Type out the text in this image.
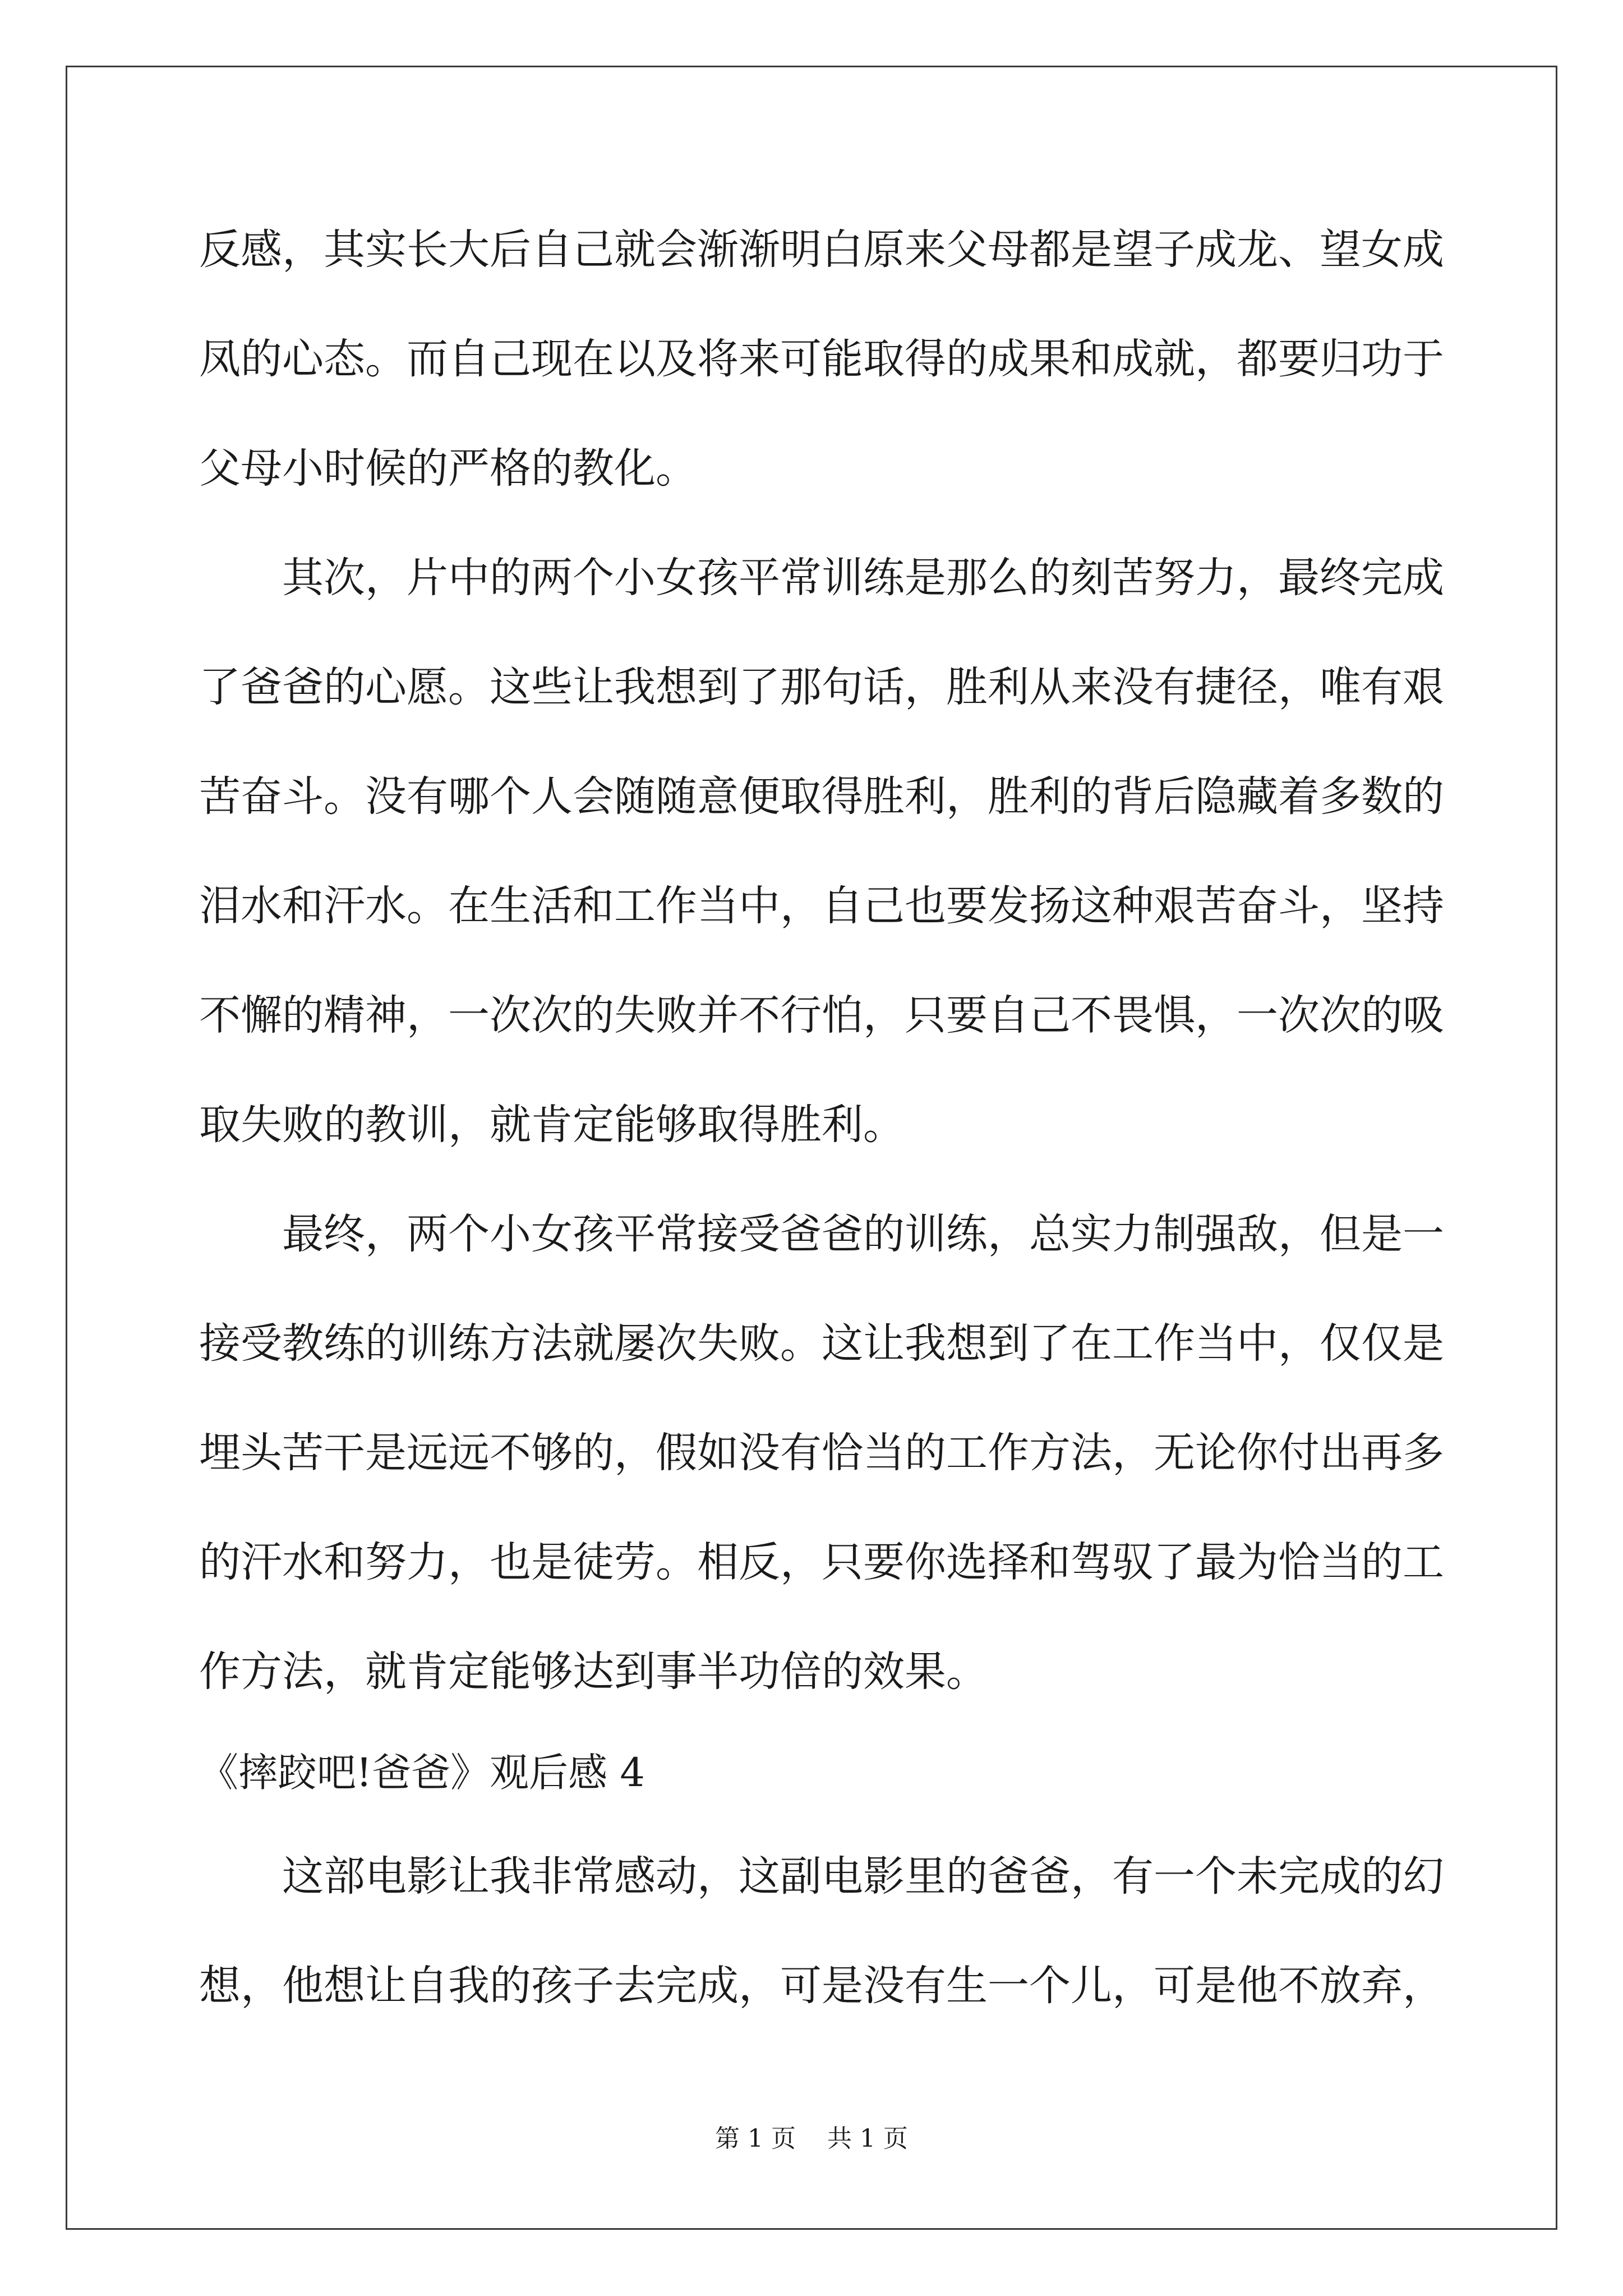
反感，其实长大后自己就会渐渐明白原来父母都是望子成龙、望女成
凤的心态。而自己现在以及将来可能取得的成果和成就，都要归功于
父母小时候的严格的教化。
其次，片中的两个小女孩平常训练是那么的刻苦努力，最终完成
了爸爸的心愿。这些让我想到了那句话，胜利从来没有捷径，唯有艰
苦奋斗。没有哪个人会随随意便取得胜利，胜利的背后隐藏着多数的
泪水和汗水。在生活和工作当中，自己也要发扬这种艰苦奋斗，坚持
不懈的精神，一次次的失败并不行怕，只要自己不畏惧，一次次的吸
取失败的教训，就肯定能够取得胜利。
最终，两个小女孩平常接受爸爸的训练，总实力制强敌，但是一
接受教练的训练方法就屡次失败。这让我想到了在工作当中，仅仅是
埋头苦干是远远不够的，假如没有恰当的工作方法，无论你付出再多
的汗水和努力，也是徒劳。相反，只要你选择和驾驭了最为恰当的工
作方法，就肯定能够达到事半功倍的效果。
《摔跤吧!爸爸》观后感 4
这部电影让我非常感动，这副电影里的爸爸，有一个未完成的幻
想，他想让自我的孩子去完成，可是没有生一个儿，可是他不放弃，
第 1 页    共 1 页
